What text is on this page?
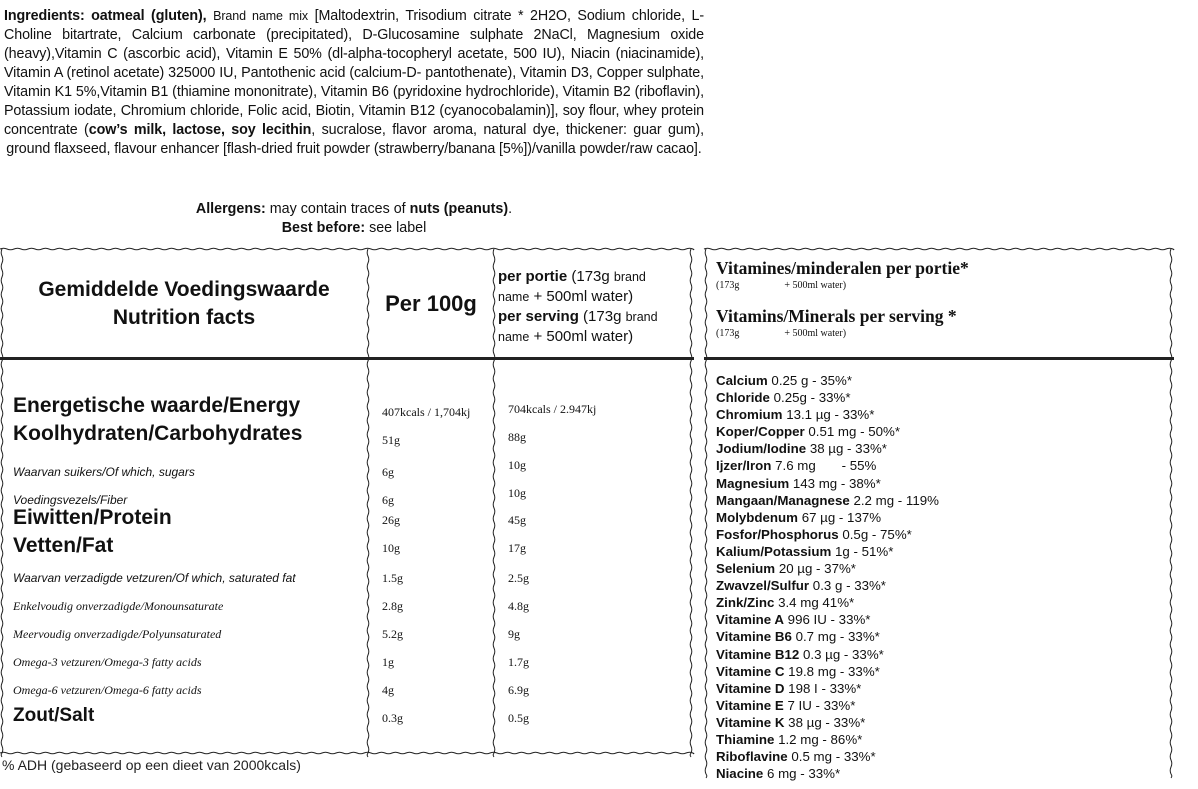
Ingredients: oatmeal (gluten), Brand name mix [Maltodextrin, Trisodium citrate * 2H2O, Sodium chloride, L-Choline bitartrate, Calcium carbonate (precipitated), D-Glucosamine sulphate 2NaCl, Magnesium oxide (heavy),Vitamin C (ascorbic acid), Vitamin E 50% (dl-alpha-tocopheryl acetate, 500 IU), Niacin (niacinamide), Vitamin A (retinol acetate) 325000 IU, Pantothenic acid (calcium-D- pantothenate), Vitamin D3, Copper sulphate, Vitamin K1 5%,Vitamin B1 (thiamine mononitrate), Vitamin B6 (pyridoxine hydrochloride), Vitamin B2 (riboflavin), Potassium iodate, Chromium chloride, Folic acid, Biotin, Vitamin B12 (cyanocobalamin)], soy flour, whey protein concentrate (cow’s milk, lactose, soy lecithin, sucralose, flavor aroma, natural dye, thickener: guar gum), ground flaxseed, flavour enhancer [flash-dried fruit powder (strawberry/banana [5%])/vanilla powder/raw cacao].
Allergens: may contain traces of nuts (peanuts).
Best before: see label
Gemiddelde Voedingswaarde
Nutrition facts
Per 100g
per portie (173g brand
name + 500ml water)
per serving (173g brand
name + 500ml water)
Energetische waarde/Energy	407kcals / 1,704kj	704kcals / 2.947kj
Koolhydraten/Carbohydrates	51g	88g
Waarvan suikers/Of which, sugars	6g	10g
Voedingsvezels/Fiber	6g	10g
Eiwitten/Protein	26g	45g
Vetten/Fat	10g	17g
Waarvan verzadigde vetzuren/Of which, saturated fat	1.5g	2.5g
Enkelvoudig onverzadigde/Monounsaturate	2.8g	4.8g
Meervoudig onverzadigde/Polyunsaturated	5.2g	9g
Omega-3 vetzuren/Omega-3 fatty acids	1g	1.7g
Omega-6 vetzuren/Omega-6 fatty acids	4g	6.9g
Zout/Salt	0.3g	0.5g
% ADH (gebaseerd op een dieet van 2000kcals)
Vitamines/minderalen per portie*
(173g	+ 500ml water)
Vitamins/Minerals per serving *
(173g	+ 500ml water)
Calcium 0.25 g - 35%*
Chloride 0.25g - 33%*
Chromium 13.1 µg - 33%*
Koper/Copper 0.51 mg - 50%*
Jodium/Iodine 38 µg - 33%*
Ijzer/Iron 7.6 mg       - 55%
Magnesium 143 mg - 38%*
Mangaan/Managnese 2.2 mg - 119%
Molybdenum 67 µg - 137%
Fosfor/Phosphorus 0.5g - 75%*
Kalium/Potassium 1g - 51%*
Selenium 20 µg - 37%*
Zwavzel/Sulfur 0.3 g - 33%*
Zink/Zinc 3.4 mg 41%*
Vitamine A 996 IU - 33%*
Vitamine B6 0.7 mg - 33%*
Vitamine B12 0.3 µg - 33%*
Vitamine C 19.8 mg - 33%*
Vitamine D 198 I - 33%*
Vitamine E 7 IU - 33%*
Vitamine K 38 µg - 33%*
Thiamine 1.2 mg - 86%*
Riboflavine 0.5 mg - 33%*
Niacine 6 mg - 33%*
